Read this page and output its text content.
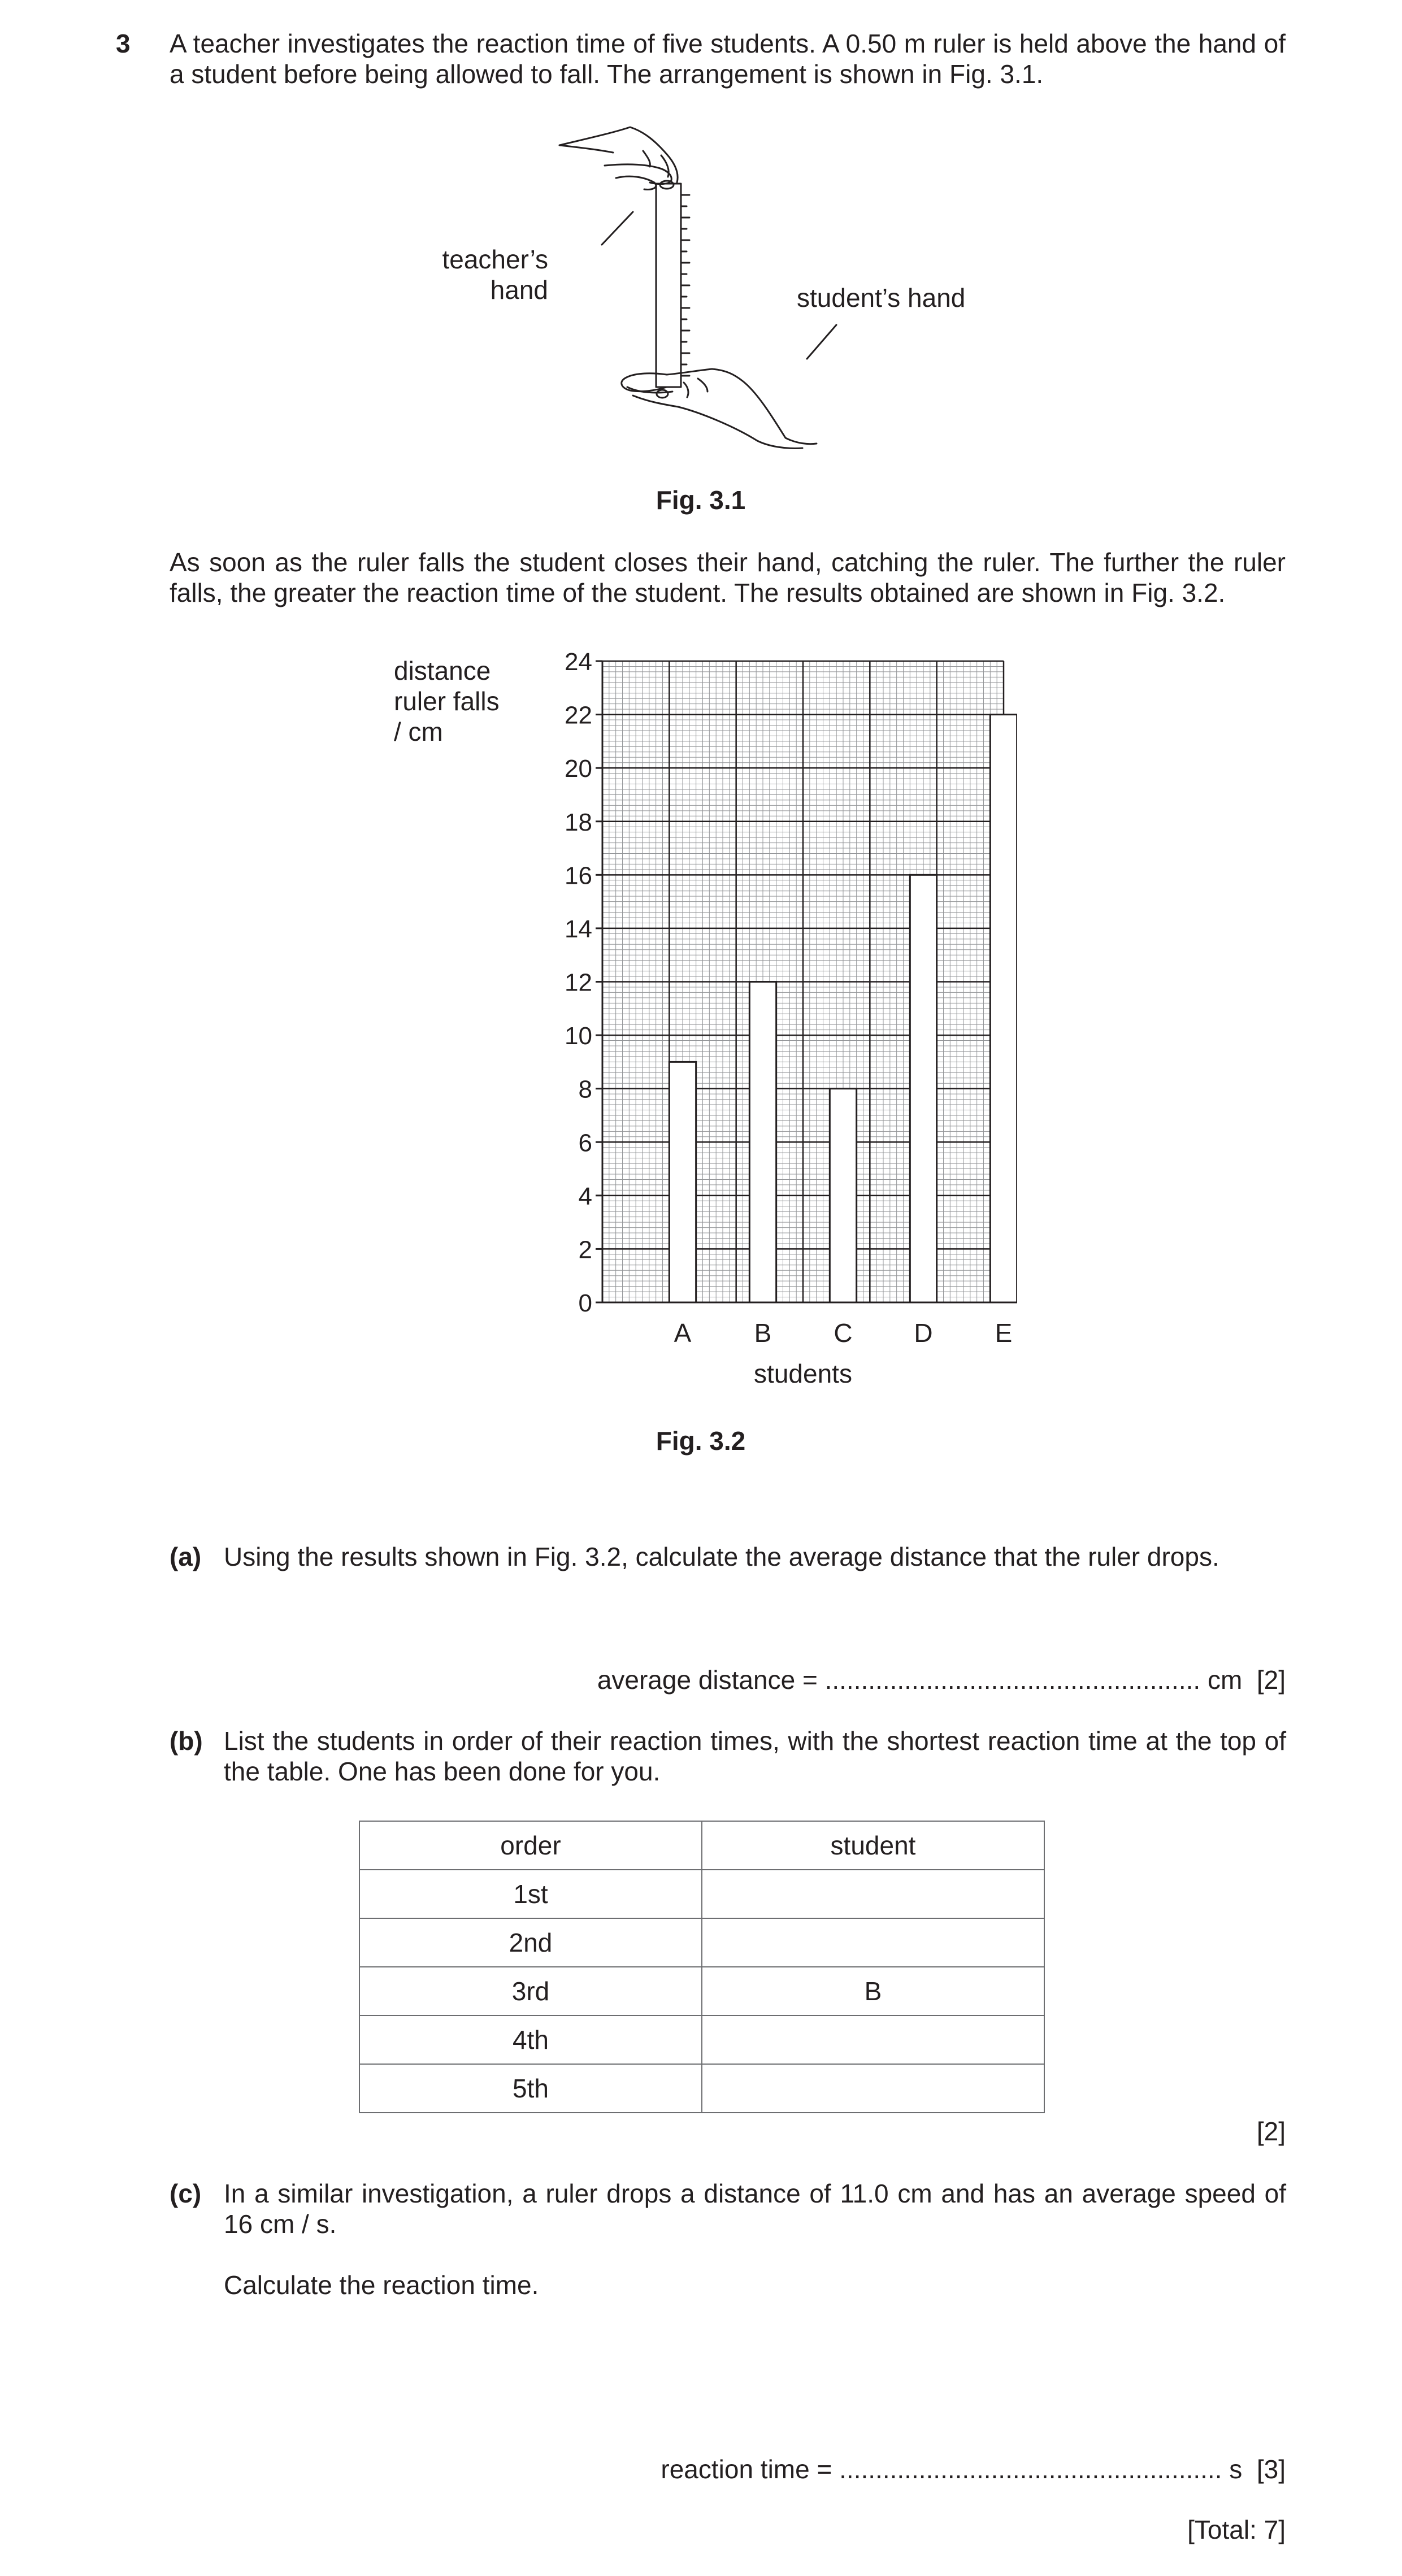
3 A teacher investigates the reaction time of five students. A 0.50 m ruler is held above the hand of a student before being allowed to fall. The arrangement is shown in Fig. 3.1.
teacher’s hand	student’s hand
Fig. 3.1
As soon as the ruler falls the student closes their hand, catching the ruler. The further the ruler falls, the greater the reaction time of the student. The results obtained are shown in Fig. 3.2.
distance ruler falls / cm
0
2
4
6
8
10
12
14
16
18
20
22
24
A B C D E
students
Fig. 3.2
(a) Using the results shown in Fig. 3.2, calculate the average distance that the ruler drops.
average distance = .................................................... cm [2]
(b) List the students in order of their reaction times, with the shortest reaction time at the top of the table. One has been done for you.
order	student
1st	
2nd	
3rd	B
4th	
5th	
[2]
(c) In a similar investigation, a ruler drops a distance of 11.0 cm and has an average speed of 16 cm / s.
Calculate the reaction time.
reaction time = ..................................................... s [3]
[Total: 7]
